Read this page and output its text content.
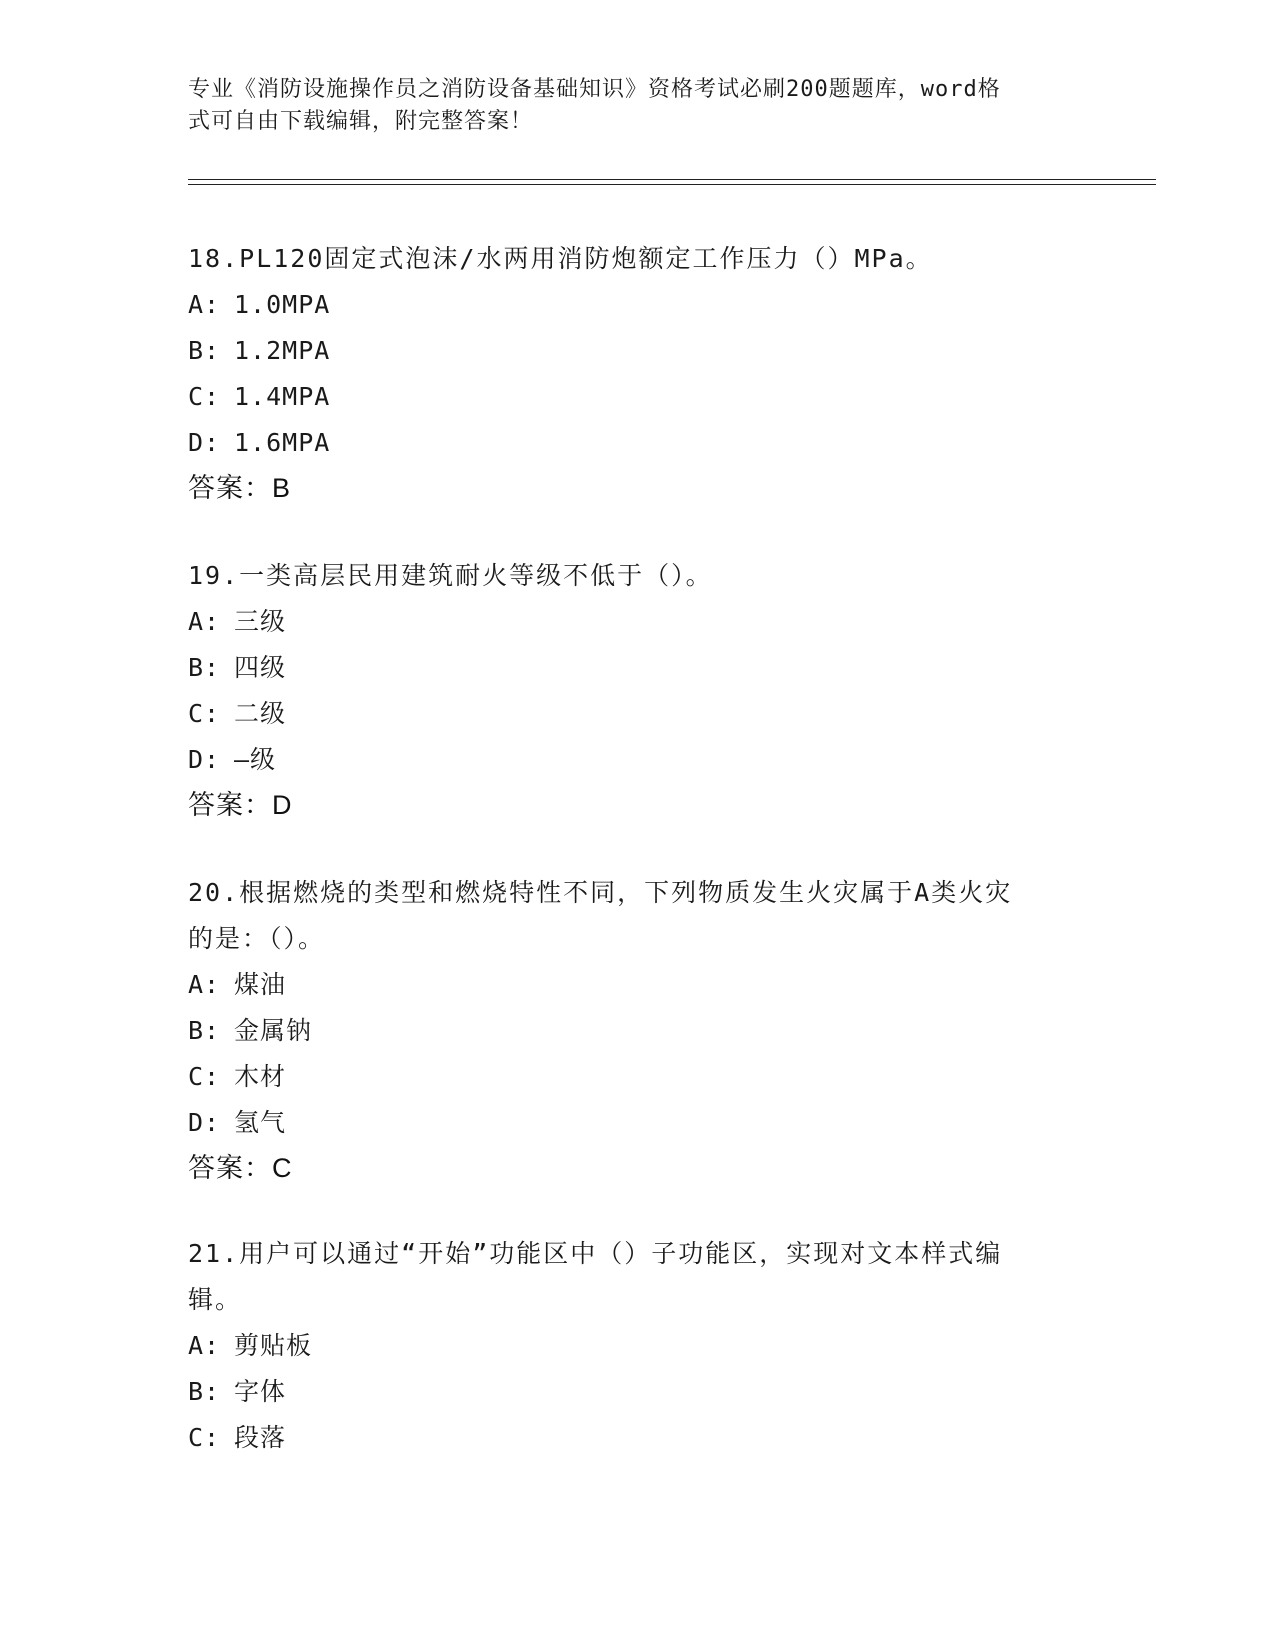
专业《消防设施操作员之消防设备基础知识》资格考试必刷200题题库，word格
式可自由下载编辑，附完整答案！

18.PL120固定式泡沫/水两用消防炮额定工作压力（）MPa。

A: 1.0MPA

B: 1.2MPA

C: 1.4MPA

D: 1.6MPA

答案：B

19.一类高层民用建筑耐火等级不低于（）。

A: 三级

B: 四级

C: 二级

D: —级

答案：D

20.根据燃烧的类型和燃烧特性不同，下列物质发生火灾属于A类火灾

的是：（）。

A: 煤油

B: 金属钠

C: 木材

D: 氢气

答案：C

21.用户可以通过“开始”功能区中（）子功能区，实现对文本样式编

辑。

A: 剪贴板

B: 字体

C: 段落
